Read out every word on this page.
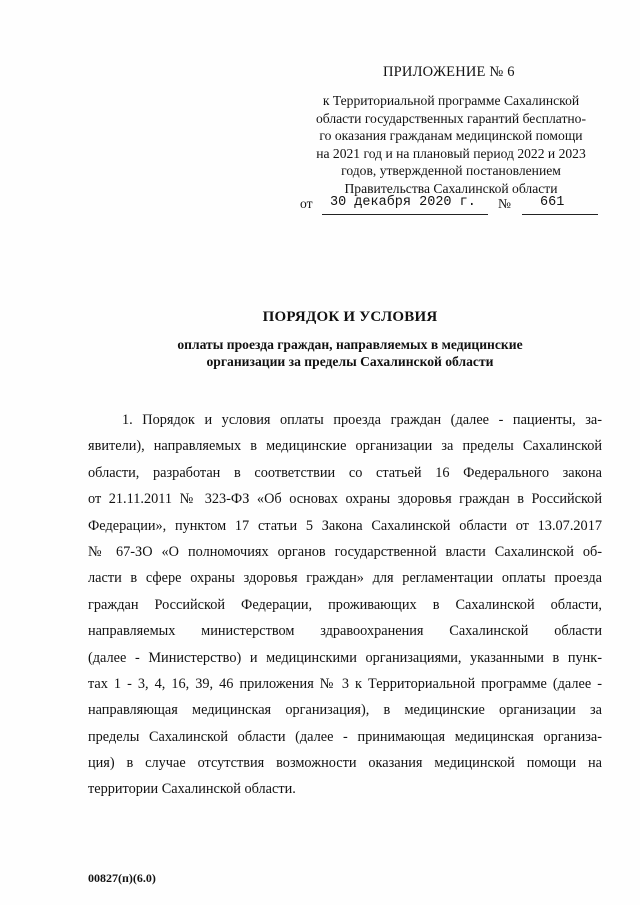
ПРИЛОЖЕНИЕ № 6
к Территориальной программе Сахалинской
области государственных гарантий бесплатно-
го оказания гражданам медицинской помощи
на 2021 год и на плановый период 2022 и 2023
годов, утвержденной постановлением
Правительства Сахалинской области
от 30 декабря 2020 г. № 661
ПОРЯДОК И УСЛОВИЯ
оплаты проезда граждан, направляемых в медицинские
организации за пределы Сахалинской области
1. Порядок и условия оплаты проезда граждан (далее - пациенты, за-
явители), направляемых в медицинские организации за пределы Сахалинской
области, разработан в соответствии со статьей 16 Федерального закона
от 21.11.2011 № 323-ФЗ «Об основах охраны здоровья граждан в Российской
Федерации», пунктом 17 статьи 5 Закона Сахалинской области от 13.07.2017
№ 67-ЗО «О полномочиях органов государственной власти Сахалинской об-
ласти в сфере охраны здоровья граждан» для регламентации оплаты проезда
граждан Российской Федерации, проживающих в Сахалинской области,
направляемых министерством здравоохранения Сахалинской области
(далее - Министерство) и медицинскими организациями, указанными в пунк-
тах 1 - 3, 4, 16, 39, 46 приложения № 3 к Территориальной программе (далее -
направляющая медицинская организация), в медицинские организации за
пределы Сахалинской области (далее - принимающая медицинская организа-
ция) в случае отсутствия возможности оказания медицинской помощи на
территории Сахалинской области.
00827(п)(6.0)
